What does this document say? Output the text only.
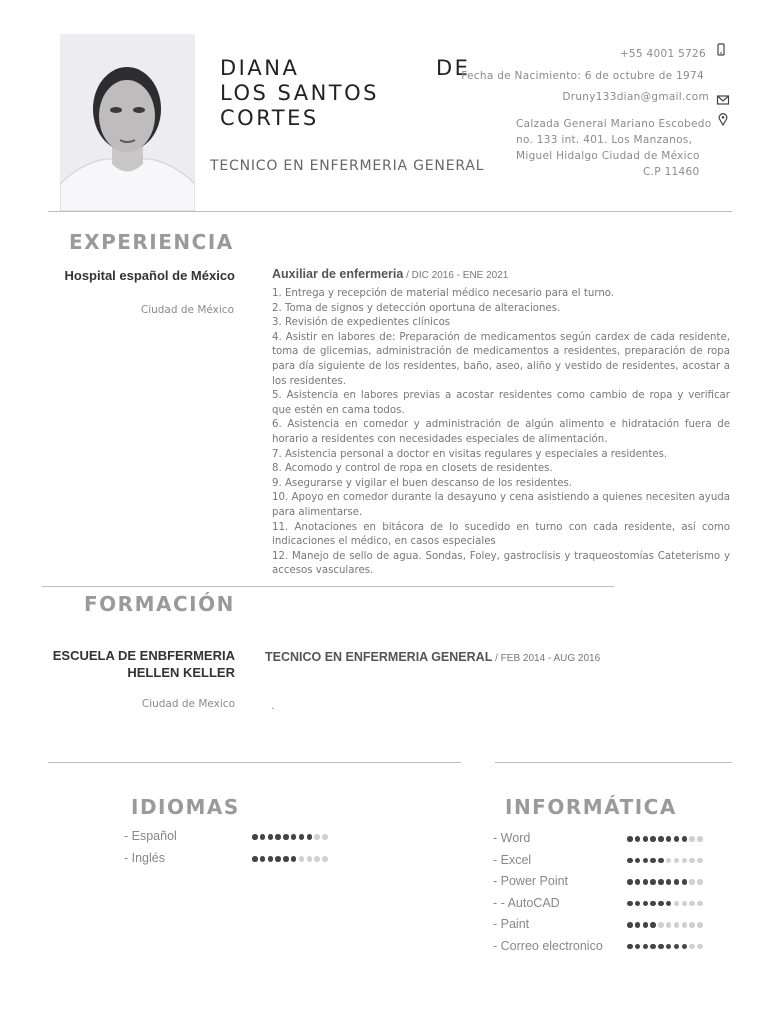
DIANA	DE
LOS SANTOS
CORTES
TECNICO EN ENFERMERIA GENERAL
+55 4001 5726
Fecha de Nacimiento: 6 de octubre de 1974
Druny133dian@gmail.com
Calzada General Mariano Escobedo
no. 133 int. 401. Los Manzanos,
Miguel Hidalgo Ciudad de México
C.P 11460
EXPERIENCIA
Hospital español de México
Ciudad de México
Auxiliar de enfermeria / DIC 2016 - ENE 2021
1. Entrega y recepción de material médico necesario para el turno.
2. Toma de signos y detección oportuna de alteraciones.
3. Revisión de expedientes clínicos
4. Asistir en labores de: Preparación de medicamentos según cardex de cada residente, toma de glicemias, administración de medicamentos a residentes, preparación de ropa para día siguiente de los residentes, baño, aseo, aliño y vestido de residentes, acostar a los residentes.
5. Asistencia en labores previas a acostar residentes como cambio de ropa y verificar que estén en cama todos.
6. Asistencia en comedor y administración de algún alimento e hidratación fuera de horario a residentes con necesidades especiales de alimentación.
7. Asistencia personal a doctor en visitas regulares y especiales a residentes.
8. Acomodo y control de ropa en closets de residentes.
9. Asegurarse y vigilar el buen descanso de los residentes.
10. Apoyo en comedor durante la desayuno y cena asistiendo a quienes necesiten ayuda para alimentarse.
11. Anotaciones en bitácora de lo sucedido en turno con cada residente, así como indicaciones el médico, en casos especiales
12. Manejo de sello de agua. Sondas, Foley, gastroclisis y traqueostomías Cateterismo y accesos vasculares.
FORMACIÓN
ESCUELA DE ENBFERMERIA
HELLEN KELLER
Ciudad de Mexico
TECNICO EN ENFERMERIA GENERAL / FEB 2014 - AUG 2016
.
IDIOMAS
- Español
- Inglés
INFORMÁTICA
- Word
- Excel
- Power Point
- - AutoCAD
- Paint
- Correo electronico
